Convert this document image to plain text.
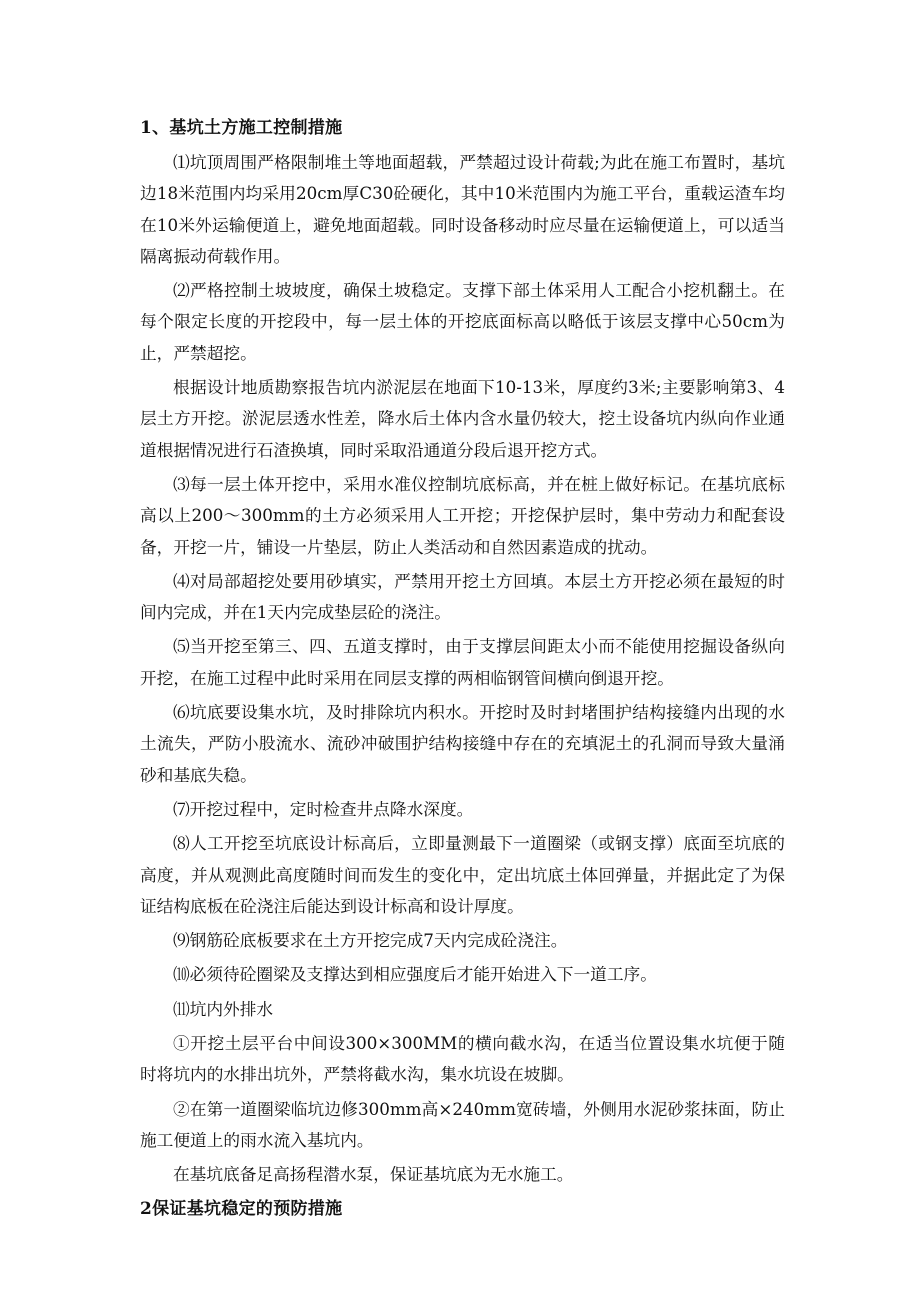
1、基坑土方施工控制措施

⑴坑顶周围严格限制堆土等地面超载，严禁超过设计荷载;为此在施工布置时，基坑边18米范围内均采用20cm厚C30砼硬化，其中10米范围内为施工平台，重载运渣车均在10米外运输便道上，避免地面超载。同时设备移动时应尽量在运输便道上，可以适当隔离振动荷载作用。

⑵严格控制土坡坡度，确保土坡稳定。支撑下部土体采用人工配合小挖机翻土。在每个限定长度的开挖段中，每一层土体的开挖底面标高以略低于该层支撑中心50cm为止，严禁超挖。

根据设计地质勘察报告坑内淤泥层在地面下10-13米，厚度约3米;主要影响第3、4层土方开挖。淤泥层透水性差，降水后土体内含水量仍较大，挖土设备坑内纵向作业通道根据情况进行石渣换填，同时采取沿通道分段后退开挖方式。

⑶每一层土体开挖中，采用水准仪控制坑底标高，并在桩上做好标记。在基坑底标高以上200～300mm的土方必须采用人工开挖；开挖保护层时，集中劳动力和配套设备，开挖一片，铺设一片垫层，防止人类活动和自然因素造成的扰动。

⑷对局部超挖处要用砂填实，严禁用开挖土方回填。本层土方开挖必须在最短的时间内完成，并在1天内完成垫层砼的浇注。

⑸当开挖至第三、四、五道支撑时，由于支撑层间距太小而不能使用挖掘设备纵向开挖，在施工过程中此时采用在同层支撑的两相临钢管间横向倒退开挖。

⑹坑底要设集水坑，及时排除坑内积水。开挖时及时封堵围护结构接缝内出现的水土流失，严防小股流水、流砂冲破围护结构接缝中存在的充填泥土的孔洞而导致大量涌砂和基底失稳。

⑺开挖过程中，定时检查井点降水深度。

⑻人工开挖至坑底设计标高后，立即量测最下一道圈梁（或钢支撑）底面至坑底的高度，并从观测此高度随时间而发生的变化中，定出坑底土体回弹量，并据此定了为保证结构底板在砼浇注后能达到设计标高和设计厚度。

⑼钢筋砼底板要求在土方开挖完成7天内完成砼浇注。

⑽必须待砼圈梁及支撑达到相应强度后才能开始进入下一道工序。

⑾坑内外排水

①开挖土层平台中间设300×300MM的横向截水沟，在适当位置设集水坑便于随时将坑内的水排出坑外，严禁将截水沟，集水坑设在坡脚。

②在第一道圈梁临坑边修300mm高×240mm宽砖墙，外侧用水泥砂浆抹面，防止施工便道上的雨水流入基坑内。

在基坑底备足高扬程潜水泵，保证基坑底为无水施工。

2保证基坑稳定的预防措施
